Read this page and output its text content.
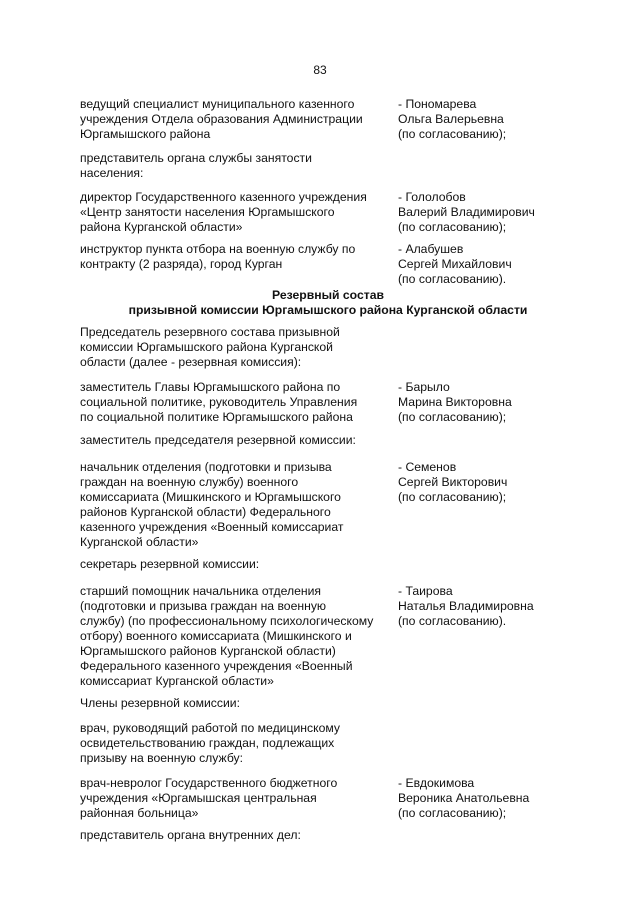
83
ведущий специалист муниципального казенного
учреждения Отдела образования Администрации
Юргамышского района
- Пономарева
Ольга Валерьевна
(по согласованию);
представитель органа службы занятости
населения:
директор Государственного казенного учреждения
«Центр занятости населения Юргамышского
района Курганской области»
- Гололобов
Валерий Владимирович
(по согласованию);
инструктор пункта отбора на военную службу по
контракту (2 разряда), город Курган
- Алабушев
Сергей Михайлович
(по согласованию).
Резервный состав
призывной комиссии Юргамышского района Курганской области
Председатель резервного состава призывной
комиссии Юргамышского района Курганской
области (далее - резервная комиссия):
заместитель Главы Юргамышского района по
социальной политике, руководитель Управления
по социальной политике Юргамышского района
- Барыло
Марина Викторовна
(по согласованию);
заместитель председателя резервной комиссии:
начальник отделения (подготовки и призыва
граждан на военную службу) военного
комиссариата (Мишкинского и Юргамышского
районов Курганской области) Федерального
казенного учреждения «Военный комиссариат
Курганской области»
- Семенов
Сергей Викторович
(по согласованию);
секретарь резервной комиссии:
старший помощник начальника отделения
(подготовки и призыва граждан на военную
службу) (по профессиональному психологическому
отбору) военного комиссариата (Мишкинского и
Юргамышского районов Курганской области)
Федерального казенного учреждения «Военный
комиссариат Курганской области»
- Таирова
Наталья Владимировна
(по согласованию).
Члены резервной комиссии:
врач, руководящий работой по медицинскому
освидетельствованию граждан, подлежащих
призыву на военную службу:
врач-невролог Государственного бюджетного
учреждения «Юргамышская центральная
районная больница»
- Евдокимова
Вероника Анатольевна
(по согласованию);
представитель органа внутренних дел:
